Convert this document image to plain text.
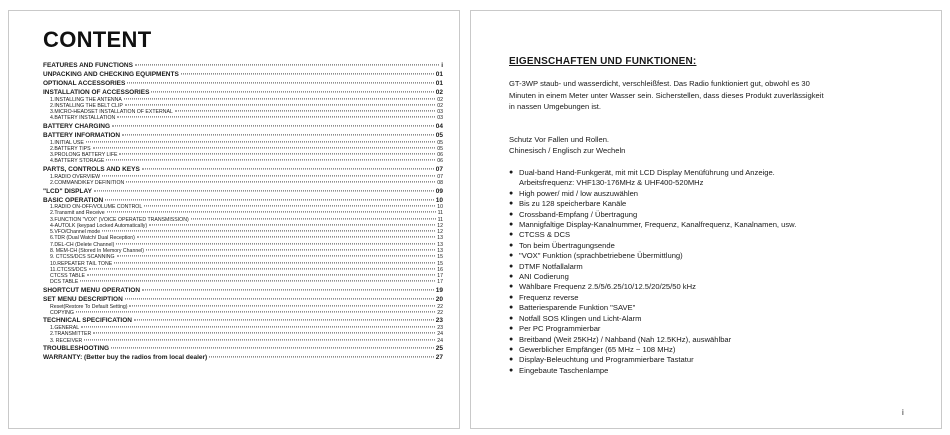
CONTENT
FEATURES AND FUNCTIONS	i
UNPACKING AND CHECKING EQUIPMENTS	01
OPTIONAL ACCESSORIES	01
INSTALLATION OF ACCESSORIES	02
1.INSTALLING THE ANTENNA	02
2.INSTALLING THE BELT CLIP	02
3.MICRO-HEADSET INSTALLATION OF EXTERNAL	03
4.BATTERY INSTALLATION	03
BATTERY CHARGING	04
BATTERY INFORMATION	05
1.INITIAL USE	05
2.BATTERY TIPS	05
3.PROLONG BATTERY LIFE	06
4.BATTERY STORAGE	06
PARTS, CONTROLS AND KEYS	07
1.RADIO OVERVIEW	07
2.COMMAND/KEY DEFINITION	08
"LCD" DISPLAY	09
BASIC OPERATION	10
1.RADIO ON-OFF/VOLUME CONTROL	10
2.Transmit and Receive	11
3.FUNCTION "VOX" (VOICE OPERATED TRANSMISSION)	11
4-AUTOLK (keypad Locked Automatically)	12
5.VFO/Channel mode	12
6.TDR (Dual Watch/ Dual Reception)	13
7.DEL-CH (Delete Channel)	13
8. MEM-CH (Stored In Memory Channel)	13
9. CTCSS/DCS SCANNING	15
10.REPEATER TAIL TONE	15
11.CTCSS/DCS	16
CTCSS TABLE	17
DCS TABLE	17
SHORTCUT MENU OPERATION	19
SET MENU DESCRIPTION	20
Reset(Restore To Default Setting)	22
COPYING	22
TECHNICAL SPECIFICATION	23
1.GENERAL	23
2.TRANSMITTER	24
3. RECEIVER	24
TROUBLESHOOTING	25
WARRANTY: (Better buy the radios from local dealer)	27
EIGENSCHAFTEN UND FUNKTIONEN:
GT-3WP staub- und wasserdicht, verschleißfest. Das Radio funktioniert gut, obwohl es 30
Minuten in einem Meter unter Wasser sein. Sicherstellen, dass dieses Produkt zuverlässigkeit
in nassen Umgebungen ist.
Schutz Vor Fallen und Rollen.
Chinesisch / Englisch zur Wecheln
● Dual-band Hand-Funkgerät, mit mit LCD Display Menüführung und Anzeige.
Arbeitsfrequenz: VHF130-176MHz & UHF400-520MHz
● High power/ mid / low auszuwählen
● Bis zu 128 speicherbare Kanäle
● Crossband-Empfang / Übertragung
● Mannigfaltige Display-Kanalnummer, Frequenz, Kanalfrequenz, Kanalnamen, usw.
● CTCSS & DCS
● Ton beim Übertragungsende
● "VOX" Funktion (sprachbetriebene Übermittlung)
● DTMF Notfallalarm
● ANI Codierung
● Wählbare Frequenz 2.5/5/6.25/10/12.5/20/25/50 kHz
● Frequenz reverse
● Batteriesparende Funktion "SAVE"
● Notfall SOS Klingen und Licht-Alarm
● Per PC Programmierbar
● Breitband (Weit 25KHz) / Nahband (Nah 12.5KHz), auswählbar
● Gewerblicher Empfänger (65 MHz ~ 108 MHz)
● Display-Beleuchtung und Programmierbare Tastatur
● Eingebaute Taschenlampe
i
